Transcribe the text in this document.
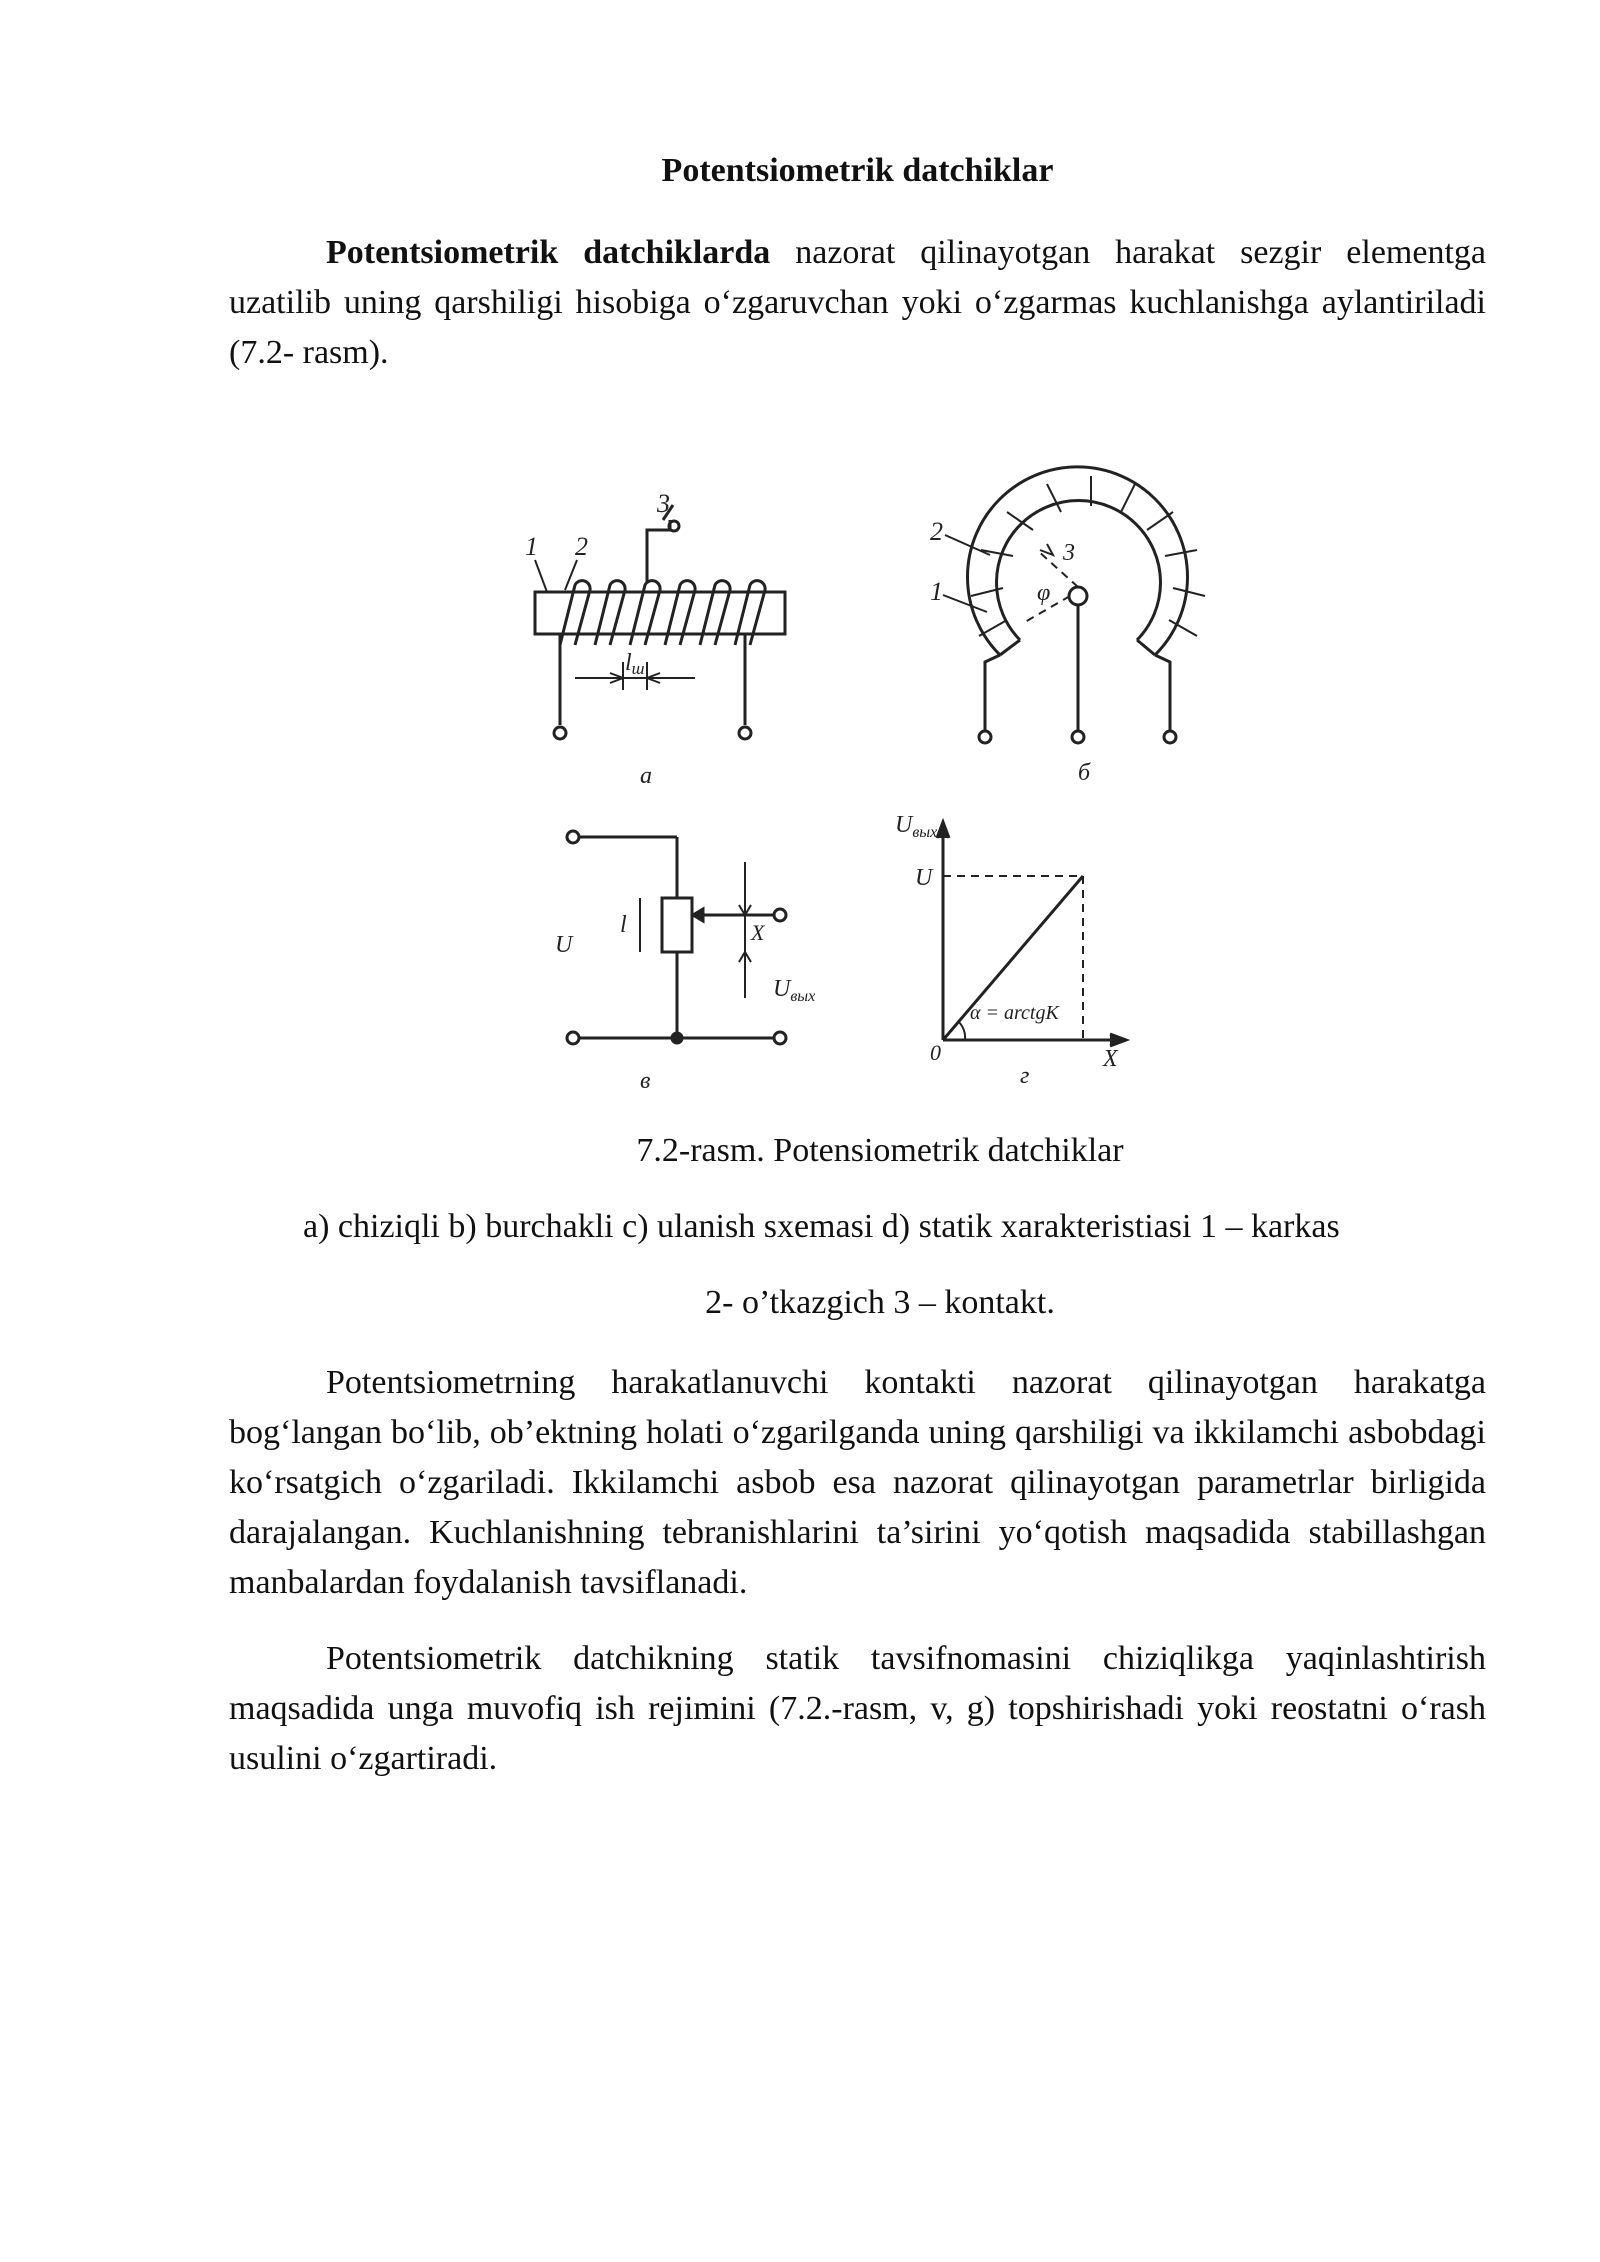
Potentsiometrik datchiklar

Potentsiometrik datchiklarda nazorat qilinayotgan harakat sezgir elementga uzatilib uning qarshiligi hisobiga o‘zgaruvchan yoki o‘zgarmas kuchlanishga aylantiriladi (7.2- rasm).

3
1 2
lш
а
2
1
3
φ
б
U
l	X
$U_{вых}$
в
$U_{вых}$
U
0	X
α = arctgK
г
7.2-rasm. Potensiometrik datchiklar
a) chiziqli b) burchakli c) ulanish sxemasi d) statik xarakteristiasi 1 – karkas
2- o’tkazgich 3 – kontakt.

Potentsiometrning harakatlanuvchi kontakti nazorat qilinayotgan harakatga bog‘langan bo‘lib, ob’ektning holati o‘zgarilganda uning qarshiligi va ikkilamchi asbobdagi ko‘rsatgich o‘zgariladi. Ikkilamchi asbob esa nazorat qilinayotgan parametrlar birligida darajalangan. Kuchlanishning tebranishlarini ta’sirini yo‘qotish maqsadida stabillashgan manbalardan foydalanish tavsiflanadi.

Potentsiometrik datchikning statik tavsifnomasini chiziqlikga yaqinlashtirish maqsadida unga muvofiq ish rejimini (7.2.-rasm, v, g) topshirishadi yoki reostatni o‘rash usulini o‘zgartiradi.
